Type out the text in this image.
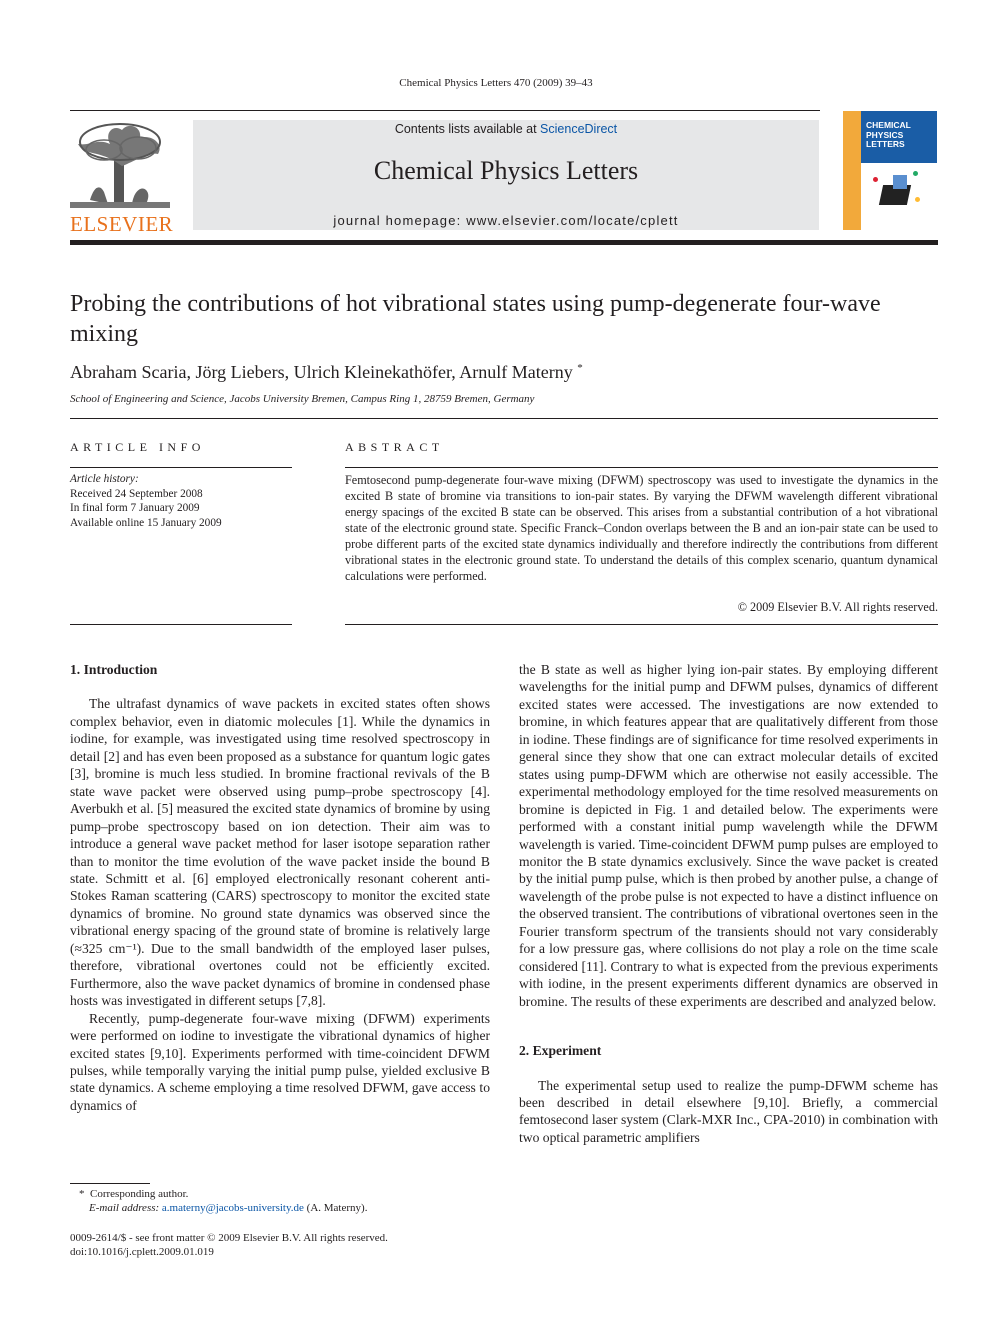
Chemical Physics Letters 470 (2009) 39–43
ELSEVIER
Contents lists available at ScienceDirect
Chemical Physics Letters
journal homepage: www.elsevier.com/locate/cplett
CHEMICAL
PHYSICS
LETTERS
Probing the contributions of hot vibrational states using pump-degenerate four-wave mixing
Abraham Scaria, Jörg Liebers, Ulrich Kleinekathöfer, Arnulf Materny *
School of Engineering and Science, Jacobs University Bremen, Campus Ring 1, 28759 Bremen, Germany
ARTICLE INFO
Article history:
Received 24 September 2008
In final form 7 January 2009
Available online 15 January 2009
ABSTRACT
Femtosecond pump-degenerate four-wave mixing (DFWM) spectroscopy was used to investigate the dynamics in the excited B state of bromine via transitions to ion-pair states. By varying the DFWM wavelength different vibrational energy spacings of the excited B state can be observed. This arises from a substantial contribution of a hot vibrational state of the electronic ground state. Specific Franck–Condon overlaps between the B and an ion-pair state can be used to probe different parts of the excited state dynamics individually and therefore indirectly the contributions from different vibrational states in the electronic ground state. To understand the details of this complex scenario, quantum dynamical calculations were performed.
© 2009 Elsevier B.V. All rights reserved.
1. Introduction

The ultrafast dynamics of wave packets in excited states often shows complex behavior, even in diatomic molecules [1]. While the dynamics in iodine, for example, was investigated using time resolved spectroscopy in detail [2] and has even been proposed as a substance for quantum logic gates [3], bromine is much less studied. In bromine fractional revivals of the B state wave packet were observed using pump–probe spectroscopy [4]. Averbukh et al. [5] measured the excited state dynamics of bromine by using pump–probe spectroscopy based on ion detection. Their aim was to introduce a general wave packet method for laser isotope separation rather than to monitor the time evolution of the wave packet inside the bound B state. Schmitt et al. [6] employed electronically resonant coherent anti-Stokes Raman scattering (CARS) spectroscopy to monitor the excited state dynamics of bromine. No ground state dynamics was observed since the vibrational energy spacing of the ground state of bromine is relatively large (≈325 cm⁻¹). Due to the small bandwidth of the employed laser pulses, therefore, vibrational overtones could not be efficiently excited. Furthermore, also the wave packet dynamics of bromine in condensed phase hosts was investigated in different setups [7,8].

Recently, pump-degenerate four-wave mixing (DFWM) experiments were performed on iodine to investigate the vibrational dynamics of higher excited states [9,10]. Experiments performed with time-coincident DFWM pulses, while temporally varying the initial pump pulse, yielded exclusive B state dynamics. A scheme employing a time resolved DFWM, gave access to dynamics of

the B state as well as higher lying ion-pair states. By employing different wavelengths for the initial pump and DFWM pulses, dynamics of different excited states were accessed. The investigations are now extended to bromine, in which features appear that are qualitatively different from those in iodine. These findings are of significance for time resolved experiments in general since they show that one can extract molecular details of excited states using pump-DFWM which are otherwise not easily accessible. The experimental methodology employed for the time resolved measurements on bromine is depicted in Fig. 1 and detailed below. The experiments were performed with a constant initial pump wavelength while the DFWM wavelength is varied. Time-coincident DFWM pump pulses are employed to monitor the B state dynamics exclusively. Since the wave packet is created by the initial pump pulse, which is then probed by another pulse, a change of wavelength of the probe pulse is not expected to have a distinct influence on the observed transient. The contributions of vibrational overtones seen in the Fourier transform spectrum of the transients should not vary considerably for a low pressure gas, where collisions do not play a role on the time scale considered [11]. Contrary to what is expected from the previous experiments with iodine, in the present experiments different dynamics are observed in bromine. The results of these experiments are described and analyzed below.

2. Experiment

The experimental setup used to realize the pump-DFWM scheme has been described in detail elsewhere [9,10]. Briefly, a commercial femtosecond laser system (Clark-MXR Inc., CPA-2010) in combination with two optical parametric amplifiers

* Corresponding author.
E-mail address: a.materny@jacobs-university.de (A. Materny).
0009-2614/$ - see front matter © 2009 Elsevier B.V. All rights reserved.
doi:10.1016/j.cplett.2009.01.019
